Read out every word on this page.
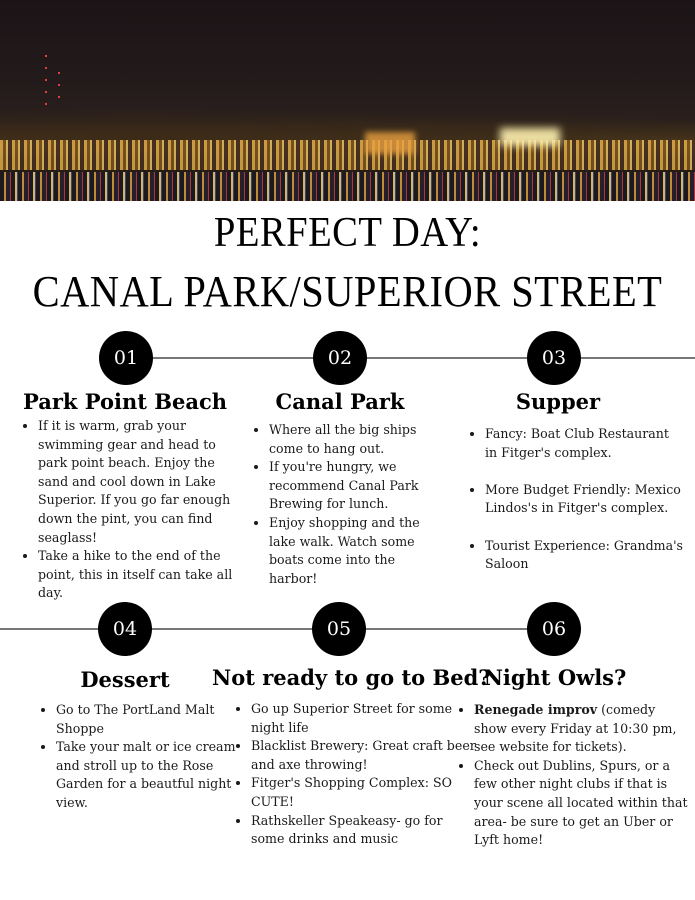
PERFECT DAY:
CANAL PARK/SUPERIOR STREET
01	02	03
Park Point Beach	Canal Park	Supper
• If it is warm, grab your swimming gear and head to park point beach. Enjoy the sand and cool down in Lake Superior. If you go far enough down the pint, you can find seaglass!
• Take a hike to the end of the point, this in itself can take all day.
• Where all the big ships come to hang out.
• If you're hungry, we recommend Canal Park Brewing for lunch.
• Enjoy shopping and the lake walk. Watch some boats come into the harbor!
• Fancy: Boat Club Restaurant in Fitger's complex.
• More Budget Friendly: Mexico Lindos's in Fitger's complex.
• Tourist Experience: Grandma's Saloon
04	05	06
Dessert	Not ready to go to Bed?
Night Owls?
• Go to The PortLand Malt Shoppe
• Take your malt or ice cream and stroll up to the Rose Garden for a beautful night view.
• Go up Superior Street for some night life
• Blacklist Brewery: Great craft beer and axe throwing!
• Fitger's Shopping Complex: SO CUTE!
• Rathskeller Speakeasy- go for some drinks and music
• Renegade improv (comedy show every Friday at 10:30 pm, see website for tickets).
• Check out Dublins, Spurs, or a few other night clubs if that is your scene all located within that area- be sure to get an Uber or Lyft home!
